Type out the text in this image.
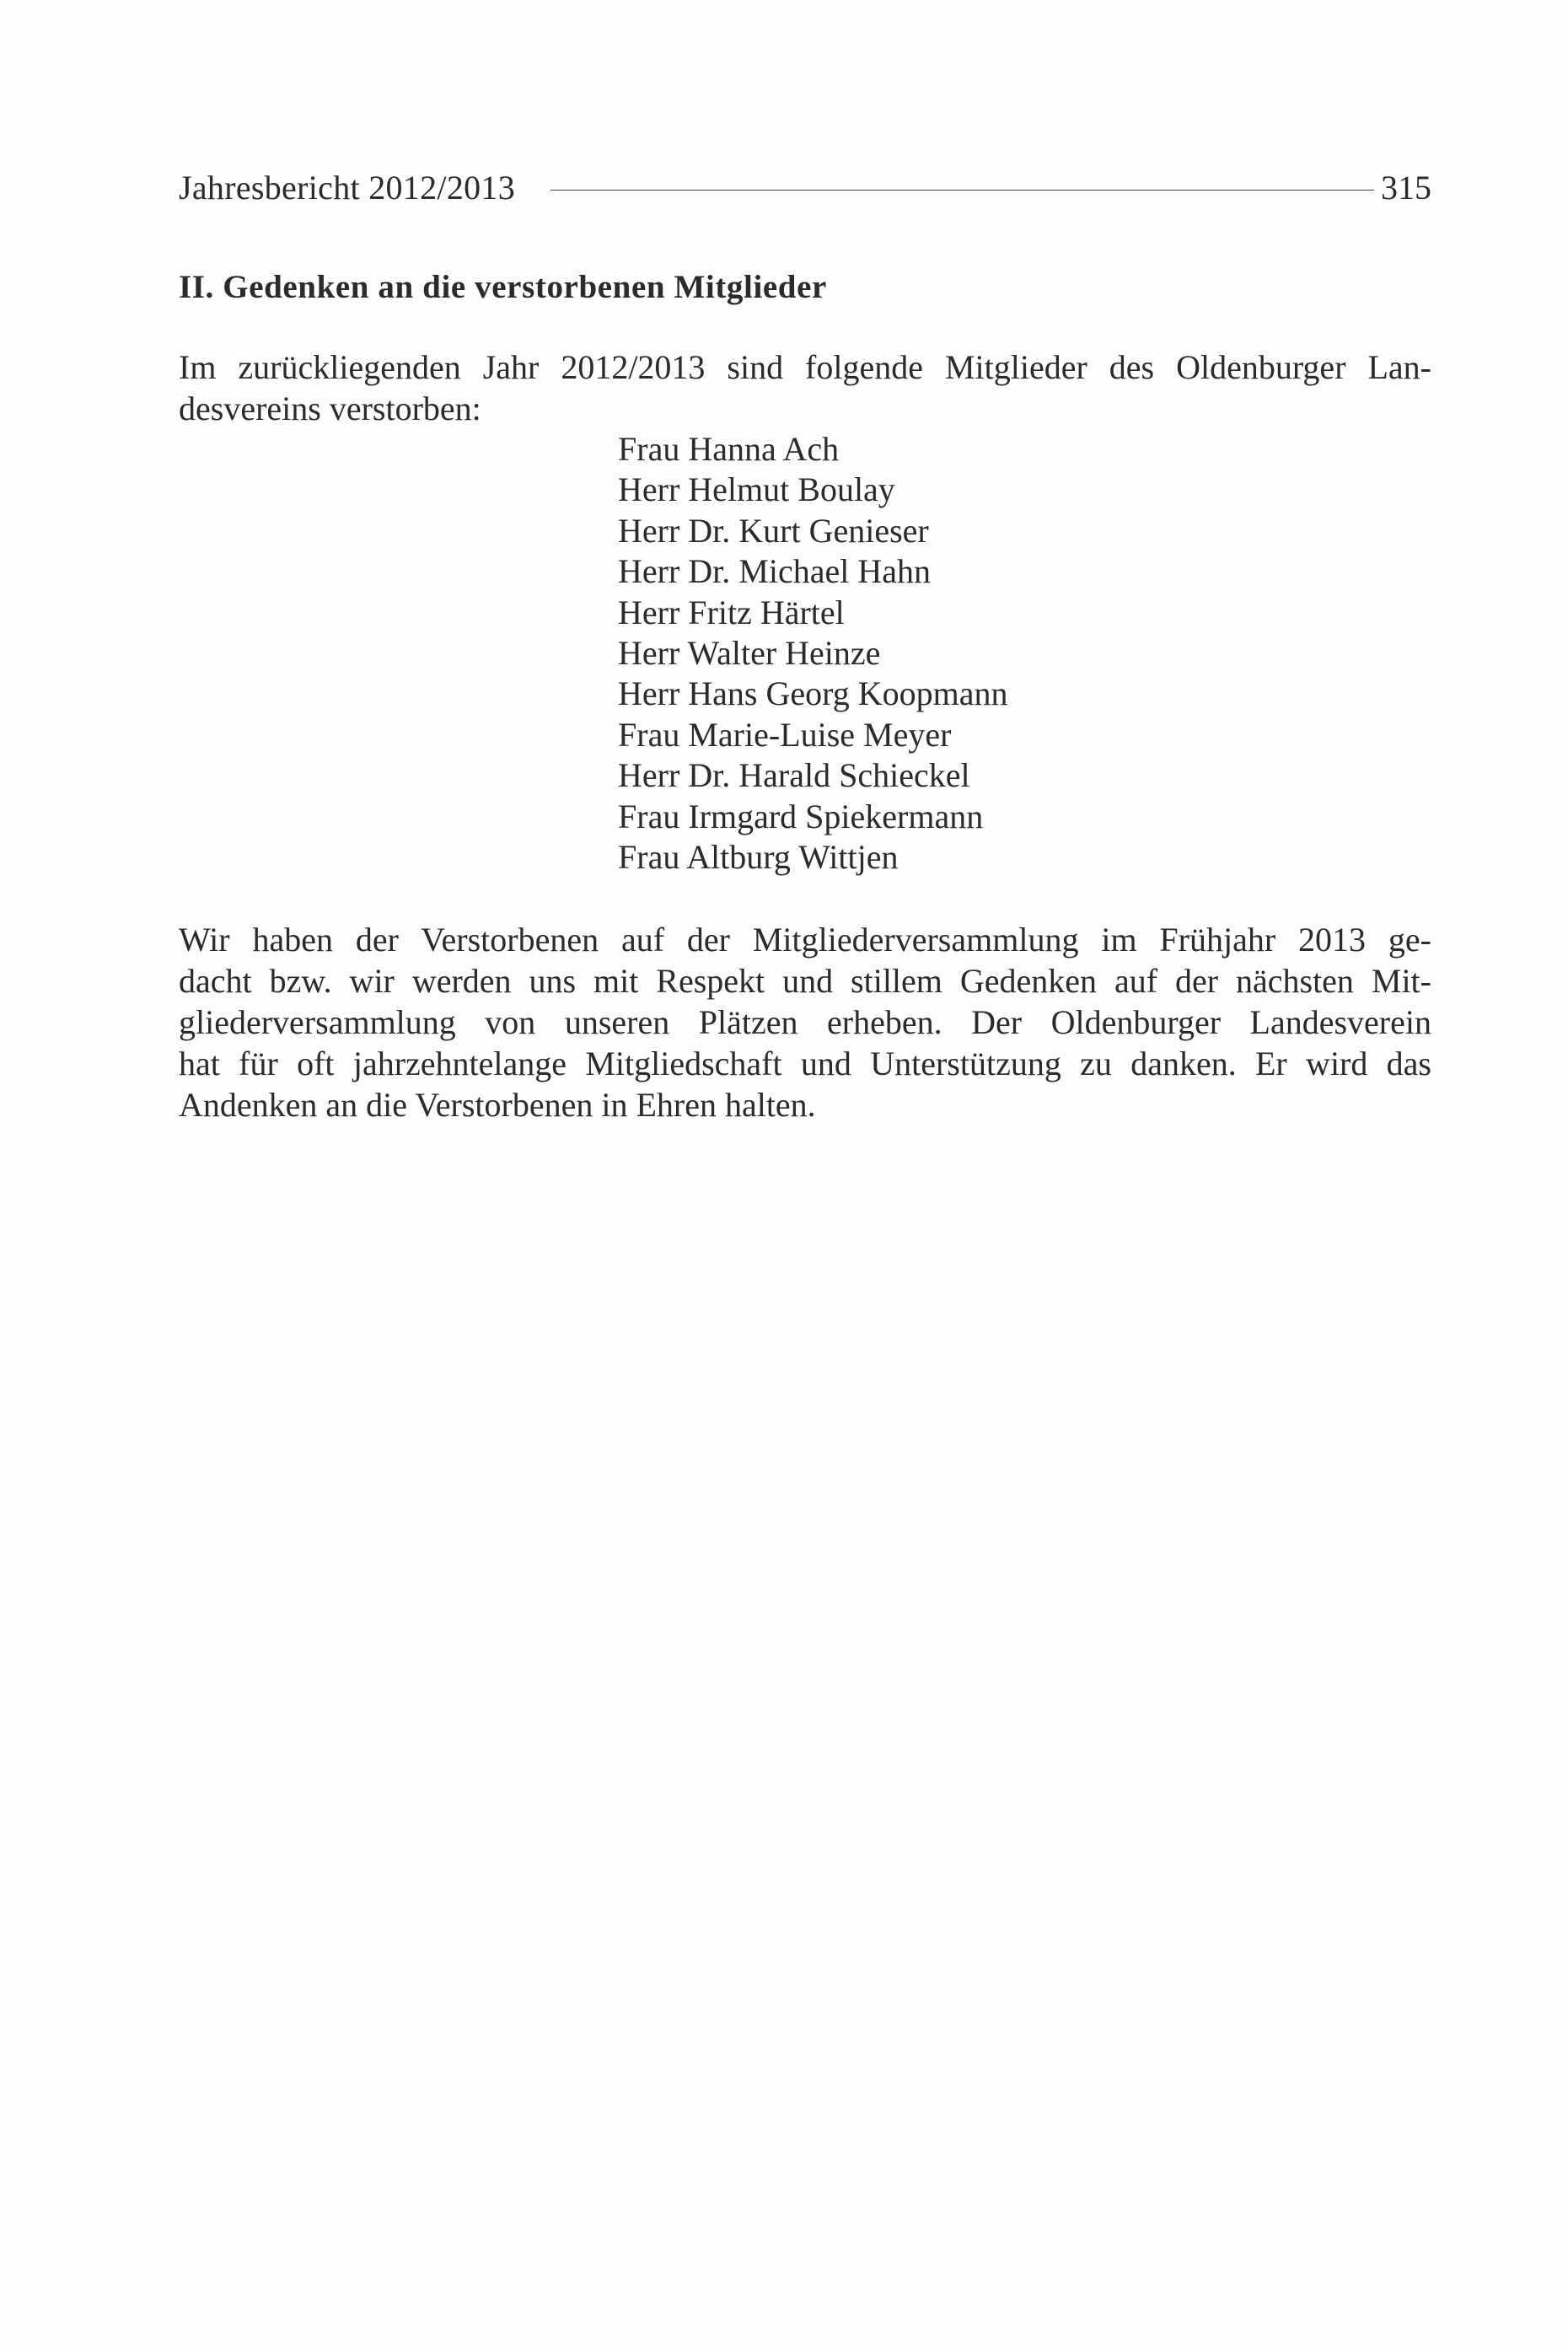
Jahresbericht 2012/2013	315
II. Gedenken an die verstorbenen Mitglieder

Im zurückliegenden Jahr 2012/2013 sind folgende Mitglieder des Oldenburger Lan-
desvereins verstorben:

Frau Hanna Ach
Herr Helmut Boulay
Herr Dr. Kurt Genieser
Herr Dr. Michael Hahn
Herr Fritz Härtel
Herr Walter Heinze
Herr Hans Georg Koopmann
Frau Marie-Luise Meyer
Herr Dr. Harald Schieckel
Frau Irmgard Spiekermann
Frau Altburg Wittjen

Wir haben der Verstorbenen auf der Mitgliederversammlung im Frühjahr 2013 ge-
dacht bzw. wir werden uns mit Respekt und stillem Gedenken auf der nächsten Mit-
gliederversammlung von unseren Plätzen erheben. Der Oldenburger Landesverein
hat für oft jahrzehntelange Mitgliedschaft und Unterstützung zu danken. Er wird das
Andenken an die Verstorbenen in Ehren halten.
